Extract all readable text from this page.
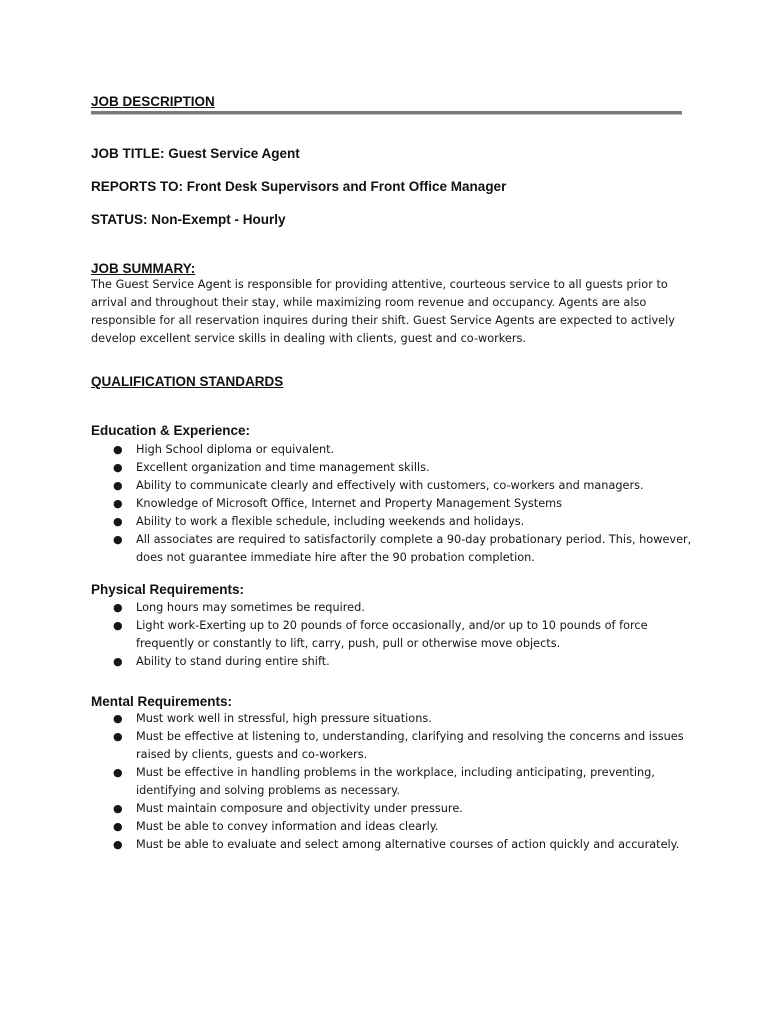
JOB DESCRIPTION
JOB TITLE: Guest Service Agent
REPORTS TO: Front Desk Supervisors and Front Office Manager
STATUS: Non-Exempt - Hourly
JOB SUMMARY:

The Guest Service Agent is responsible for providing attentive, courteous service to all guests prior to arrival and throughout their stay, while maximizing room revenue and occupancy. Agents are also responsible for all reservation inquires during their shift. Guest Service Agents are expected to actively develop excellent service skills in dealing with clients, guest and co-workers.

QUALIFICATION STANDARDS
Education & Experience:
● High School diploma or equivalent.
● Excellent organization and time management skills.
● Ability to communicate clearly and effectively with customers, co-workers and managers.
● Knowledge of Microsoft Office, Internet and Property Management Systems
● Ability to work a flexible schedule, including weekends and holidays.
● All associates are required to satisfactorily complete a 90-day probationary period. This, however, does not guarantee immediate hire after the 90 probation completion.
Physical Requirements:
● Long hours may sometimes be required.
● Light work-Exerting up to 20 pounds of force occasionally, and/or up to 10 pounds of force frequently or constantly to lift, carry, push, pull or otherwise move objects.
● Ability to stand during entire shift.
Mental Requirements:
● Must work well in stressful, high pressure situations.
● Must be effective at listening to, understanding, clarifying and resolving the concerns and issues raised by clients, guests and co-workers.
● Must be effective in handling problems in the workplace, including anticipating, preventing, identifying and solving problems as necessary.
● Must maintain composure and objectivity under pressure.
● Must be able to convey information and ideas clearly.
● Must be able to evaluate and select among alternative courses of action quickly and accurately.
